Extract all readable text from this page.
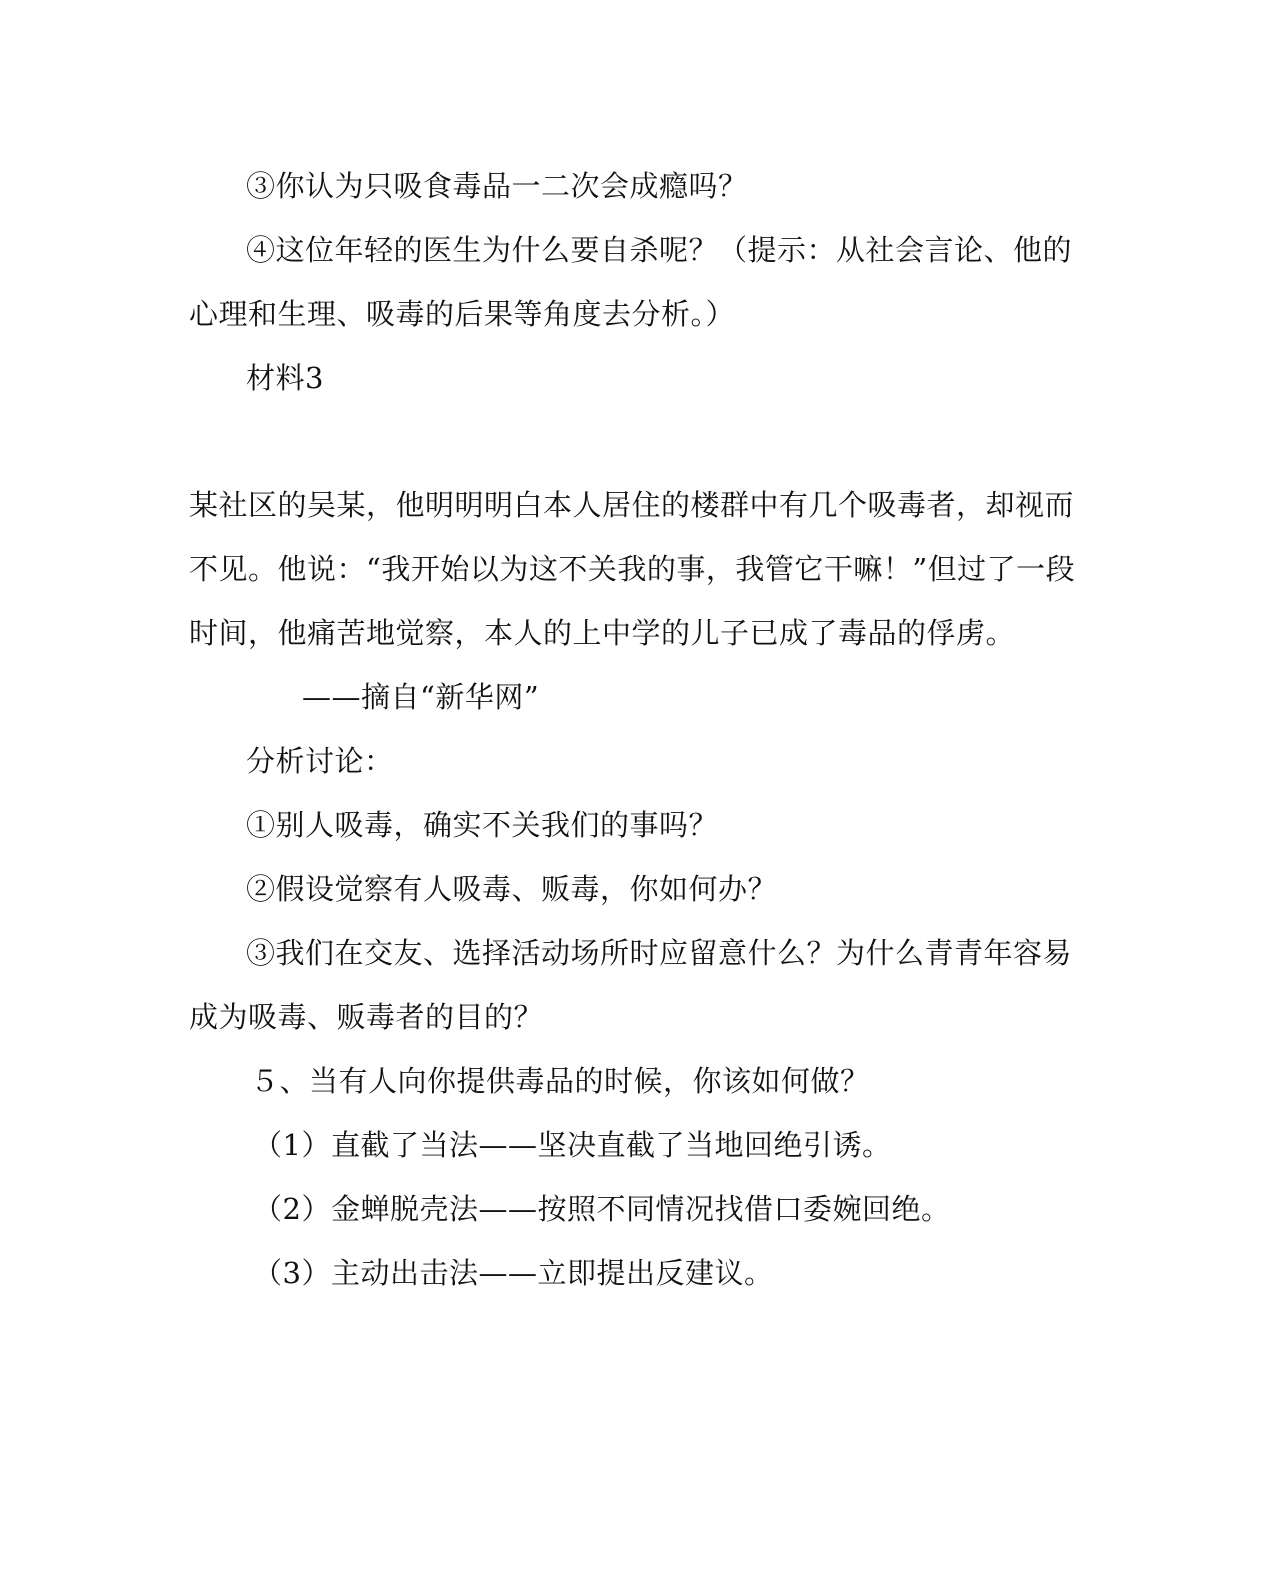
③你认为只吸食毒品一二次会成瘾吗？
④这位年轻的医生为什么要自杀呢？（提示：从社会言论、他的
心理和生理、吸毒的后果等角度去分析。）
材料3
某社区的吴某，他明明明白本人居住的楼群中有几个吸毒者，却视而
不见。他说：“我开始以为这不关我的事，我管它干嘛！”但过了一段
时间，他痛苦地觉察，本人的上中学的儿子已成了毒品的俘虏。
——摘自“新华网”
分析讨论：
①别人吸毒，确实不关我们的事吗？
②假设觉察有人吸毒、贩毒，你如何办？
③我们在交友、选择活动场所时应留意什么？为什么青青年容易
成为吸毒、贩毒者的目的？
５、当有人向你提供毒品的时候，你该如何做？
（1）直截了当法——坚决直截了当地回绝引诱。
（2）金蝉脱壳法——按照不同情况找借口委婉回绝。
（3）主动出击法——立即提出反建议。
